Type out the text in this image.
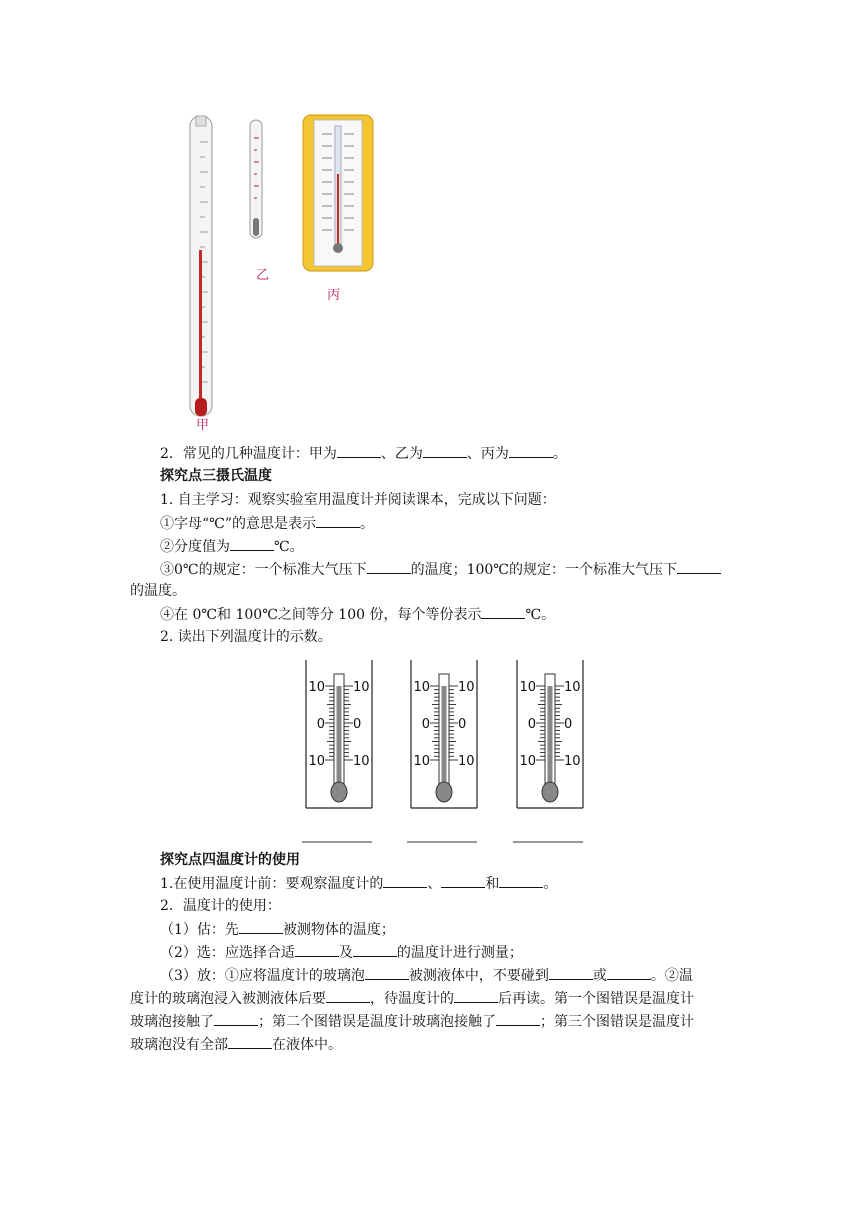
甲
乙
丙
2．常见的几种温度计：甲为	、乙为	、丙为	。
探究点三摄氏温度
1. 自主学习：观察实验室用温度计并阅读课本，完成以下问题：
①字母“℃”的意思是表示	。
②分度值为	℃。
③0℃的规定：一个标准大气压下	的温度；100℃的规定：一个标准大气压下
的温度。
④在 0℃和 100℃之间等分 100 份，每个等份表示	℃。
2. 读出下列温度计的示数。
10 10
0 0
10 10
10 10
0 0
10 10
10 10
0 0
10 10
探究点四温度计的使用
1.在使用温度计前：要观察温度计的	、	和	。
2．温度计的使用：
（1）估：先	被测物体的温度；
（2）选：应选择合适	及	的温度计进行测量；
（3）放：①应将温度计的玻璃泡	被测液体中，不要碰到	或	。②温
度计的玻璃泡浸入被测液体后要	，待温度计的	后再读。第一个图错误是温度计
玻璃泡接触了	；第二个图错误是温度计玻璃泡接触了	；第三个图错误是温度计
玻璃泡没有全部	在液体中。
